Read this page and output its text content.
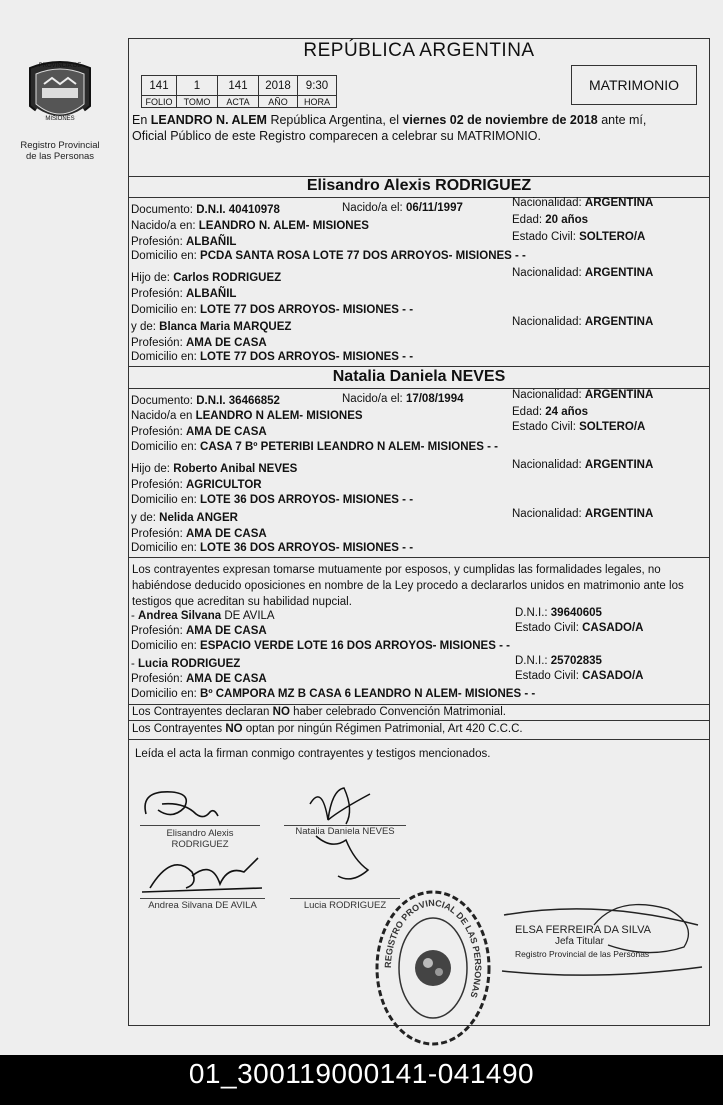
PROVINCIA DE
MISIONES
Registro Provincial
de las Personas
REPÚBLICA ARGENTINA
141	1	141	2018	9:30
FOLIO	TOMO	ACTA	AÑO	HORA
MATRIMONIO
En LEANDRO N. ALEM República Argentina, el viernes 02 de noviembre de 2018 ante mí,
Oficial Público de este Registro comparecen a celebrar su MATRIMONIO.
Elisandro Alexis RODRIGUEZ
Documento: D.N.I. 40410978	Nacido/a el: 06/11/1997	Nacionalidad: ARGENTINA
Nacido/a en: LEANDRO N. ALEM- MISIONES	Edad: 20 años
Profesión: ALBAÑIL	Estado Civil: SOLTERO/A
Domicilio en: PCDA SANTA ROSA LOTE 77 DOS ARROYOS- MISIONES - -
Hijo de: Carlos RODRIGUEZ	Nacionalidad: ARGENTINA
Profesión: ALBAÑIL
Domicilio en: LOTE 77 DOS ARROYOS- MISIONES - -
y de: Blanca Maria MARQUEZ	Nacionalidad: ARGENTINA
Profesión: AMA DE CASA
Domicilio en: LOTE 77 DOS ARROYOS- MISIONES - -
Natalia Daniela NEVES
Documento: D.N.I. 36466852	Nacido/a el: 17/08/1994	Nacionalidad: ARGENTINA
Nacido/a en LEANDRO N ALEM- MISIONES	Edad: 24 años
Profesión: AMA DE CASA	Estado Civil: SOLTERO/A
Domicilio en: CASA 7 Bº PETERIBI LEANDRO N ALEM- MISIONES - -
Hijo de: Roberto Anibal NEVES	Nacionalidad: ARGENTINA
Profesión: AGRICULTOR
Domicilio en: LOTE 36 DOS ARROYOS- MISIONES - -
y de: Nelida ANGER	Nacionalidad: ARGENTINA
Profesión: AMA DE CASA
Domicilio en: LOTE 36 DOS ARROYOS- MISIONES - -
Los contrayentes expresan tomarse mutuamente por esposos, y cumplidas las formalidades legales, no habiéndose deducido oposiciones en nombre de la Ley procedo a declararlos unidos en matrimonio ante los testigos que acreditan su habilidad nupcial.
- Andrea Silvana DE AVILA	D.N.I.: 39640605
Profesión: AMA DE CASA	Estado Civil: CASADO/A
Domicilio en: ESPACIO VERDE LOTE 16 DOS ARROYOS- MISIONES - -
- Lucia RODRIGUEZ	D.N.I.: 25702835
Profesión: AMA DE CASA	Estado Civil: CASADO/A
Domicilio en: Bº CAMPORA MZ B CASA 6 LEANDRO N ALEM- MISIONES - -
Los Contrayentes declaran NO haber celebrado Convención Matrimonial.
Los Contrayentes NO optan por ningún Régimen Patrimonial, Art 420 C.C.C.
Leída el acta la firman conmigo contrayentes y testigos mencionados.
Elisandro Alexis
RODRIGUEZ
Natalia Daniela NEVES
Andrea Silvana DE AVILA	Lucia RODRIGUEZ
REGISTRO PROVINCIAL DE LAS PERSONAS
ELSA FERREIRA DA SILVA
Jefa Titular
Registro Provincial de las Personas
01_300119000141-041490
